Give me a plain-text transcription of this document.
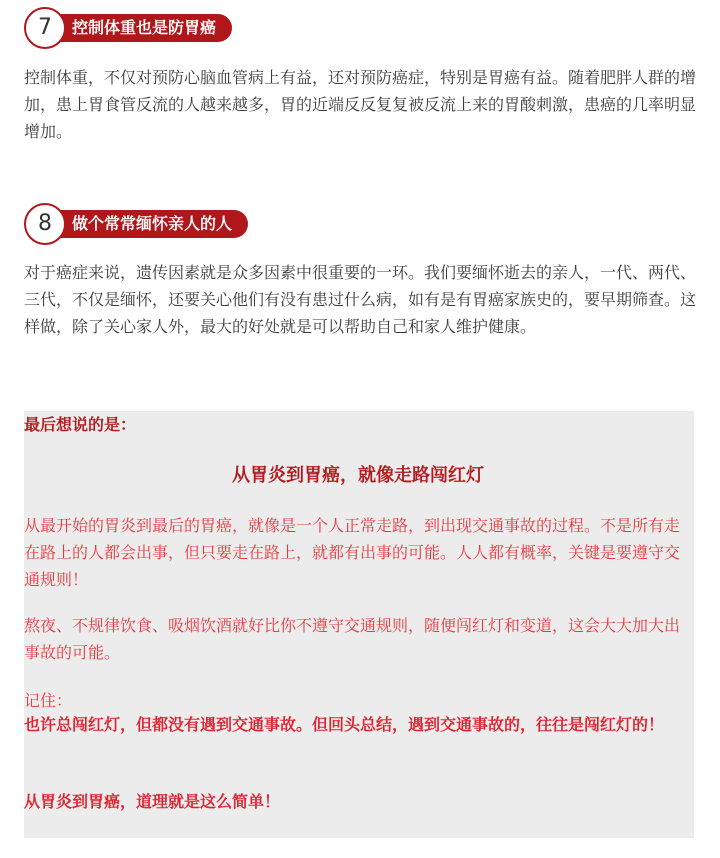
控制体重也是防胃癌
7

控制体重，不仅对预防心脑血管病上有益，还对预防癌症，特别是胃癌有益。随着肥胖人群的增加，患上胃食管反流的人越来越多，胃的近端反反复复被反流上来的胃酸刺激，患癌的几率明显增加。

做个常常缅怀亲人的人
8

对于癌症来说，遗传因素就是众多因素中很重要的一环。我们要缅怀逝去的亲人，一代、两代、三代，不仅是缅怀，还要关心他们有没有患过什么病，如有是有胃癌家族史的，要早期筛查。这样做，除了关心家人外，最大的好处就是可以帮助自己和家人维护健康。

最后想说的是：

从胃炎到胃癌，就像走路闯红灯

从最开始的胃炎到最后的胃癌，就像是一个人正常走路，到出现交通事故的过程。不是所有走在路上的人都会出事，但只要走在路上，就都有出事的可能。人人都有概率，关键是要遵守交通规则！

熬夜、不规律饮食、吸烟饮酒就好比你不遵守交通规则，随便闯红灯和变道，这会大大加大出事故的可能。

记住：

也许总闯红灯，但都没有遇到交通事故。但回头总结，遇到交通事故的，往往是闯红灯的！

从胃炎到胃癌，道理就是这么简单！
